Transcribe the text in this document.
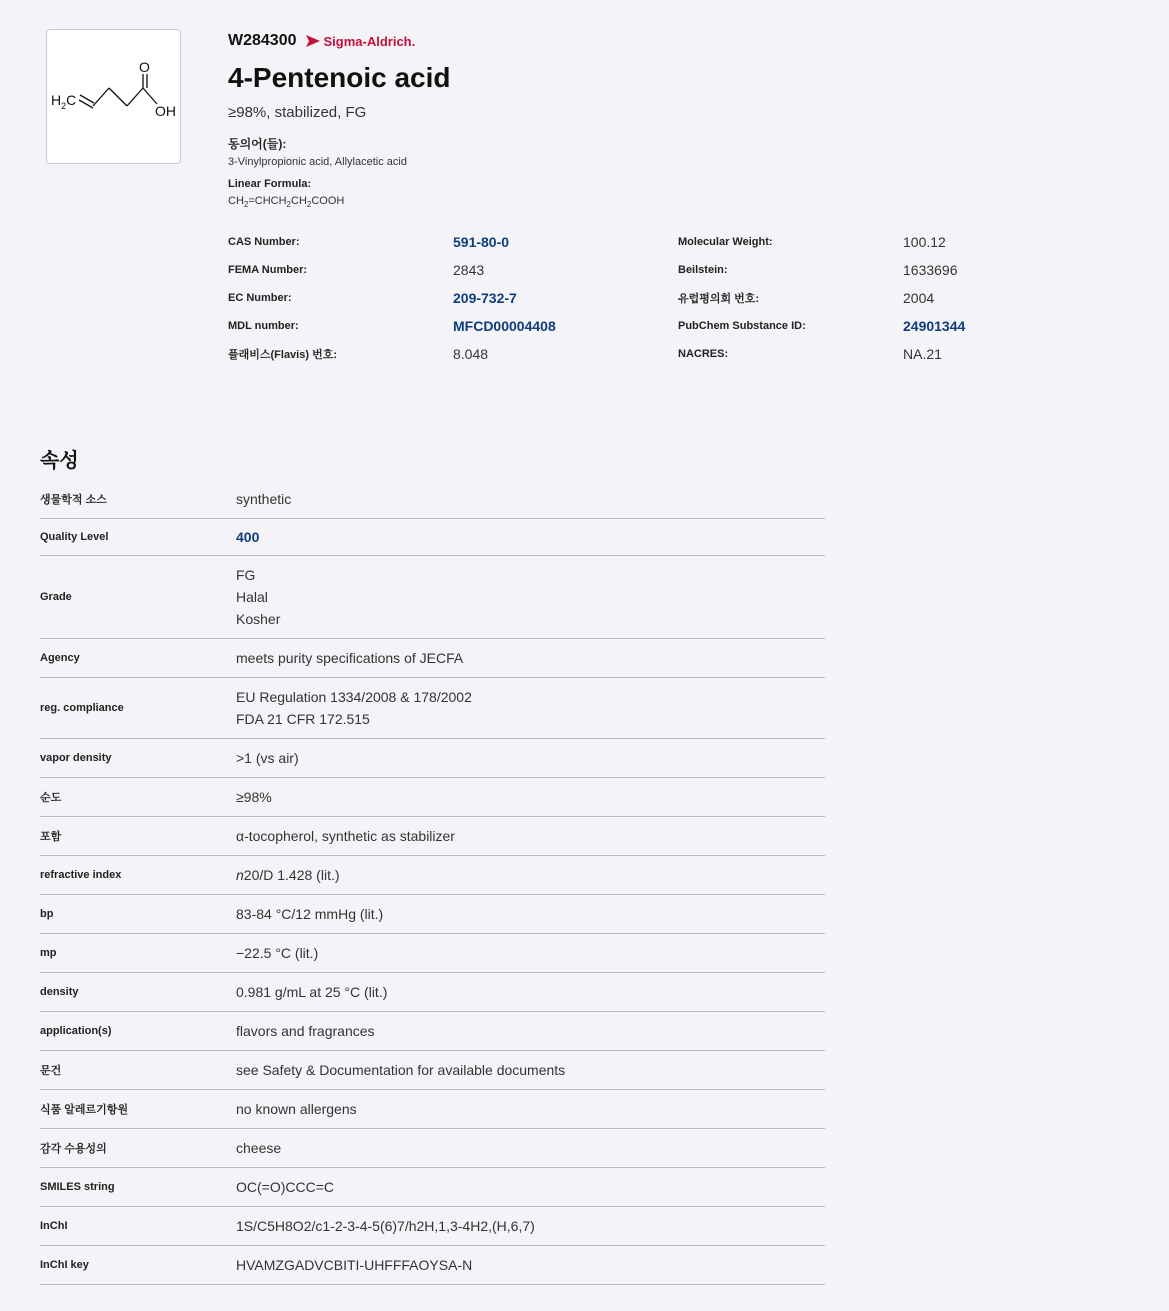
$H_2C$
O
OH
W284300 Sigma-Aldrich.
4-Pentenoic acid
≥98%, stabilized, FG
동의어(들):
3-Vinylpropionic acid, Allylacetic acid
Linear Formula:
$CH_2=CHCH_2CH_2COOH$
CAS Number:	591-80-0	Molecular Weight:	100.12
FEMA Number:	2843	Beilstein:	1633696
EC Number:	209-732-7	유럽평의회 번호:	2004
MDL number:	MFCD00004408	PubChem Substance ID:	24901344
플래비스(Flavis) 번호:	8.048	NACRES:	NA.21
속성
생물학적 소스	synthetic
Quality Level	400
Grade
FG
Halal
Kosher
Agency	meets purity specifications of JECFA
reg. compliance
EU Regulation 1334/2008 & 178/2002
FDA 21 CFR 172.515
vapor density	>1 (vs air)
순도	≥98%
포함	α-tocopherol, synthetic as stabilizer
refractive index	n20/D 1.428 (lit.)
bp	83-84 °C/12 mmHg (lit.)
mp	−22.5 °C (lit.)
density	0.981 g/mL at 25 °C (lit.)
application(s)	flavors and fragrances
문건	see Safety & Documentation for available documents
식품 알레르기항원	no known allergens
감각 수용성의	cheese
SMILES string	OC(=O)CCC=C
InChI	1S/C5H8O2/c1-2-3-4-5(6)7/h2H,1,3-4H2,(H,6,7)
InChI key	HVAMZGADVCBITI-UHFFFAOYSA-N
